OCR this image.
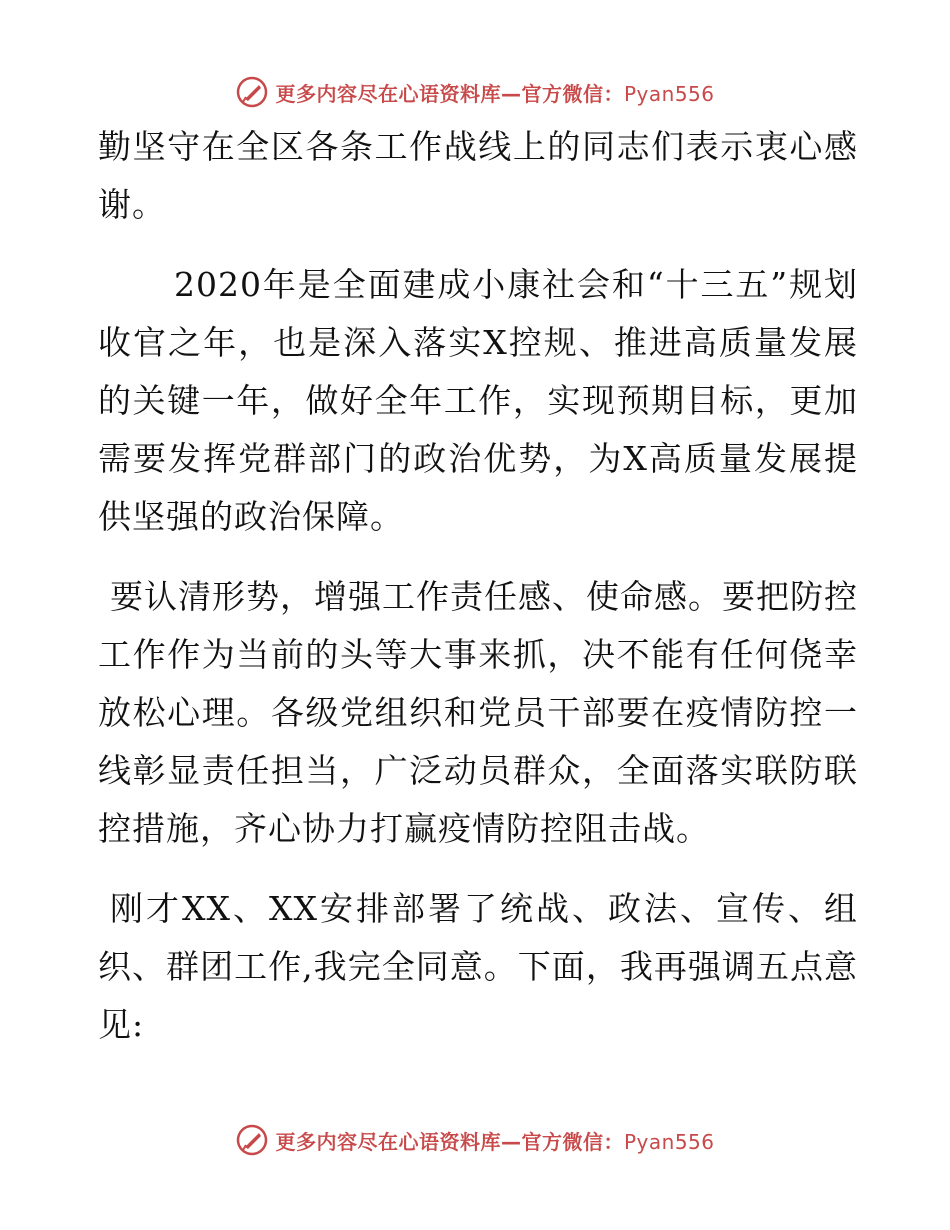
更多内容尽在心语资料库—官方微信：Pyan556

勤坚守在全区各条工作战线上的同志们表示衷心感谢。

2020年是全面建成小康社会和“十三五”规划收官之年，也是深入落实X控规、推进高质量发展的关键一年，做好全年工作，实现预期目标，更加需要发挥党群部门的政治优势，为X高质量发展提供坚强的政治保障。

要认清形势，增强工作责任感、使命感。要把防控工作作为当前的头等大事来抓，决不能有任何侥幸放松心理。各级党组织和党员干部要在疫情防控一线彰显责任担当，广泛动员群众，全面落实联防联控措施，齐心协力打赢疫情防控阻击战。

刚才XX、XX安排部署了统战、政法、宣传、组织、群团工作,我完全同意。下面，我再强调五点意见:

更多内容尽在心语资料库—官方微信：Pyan556
